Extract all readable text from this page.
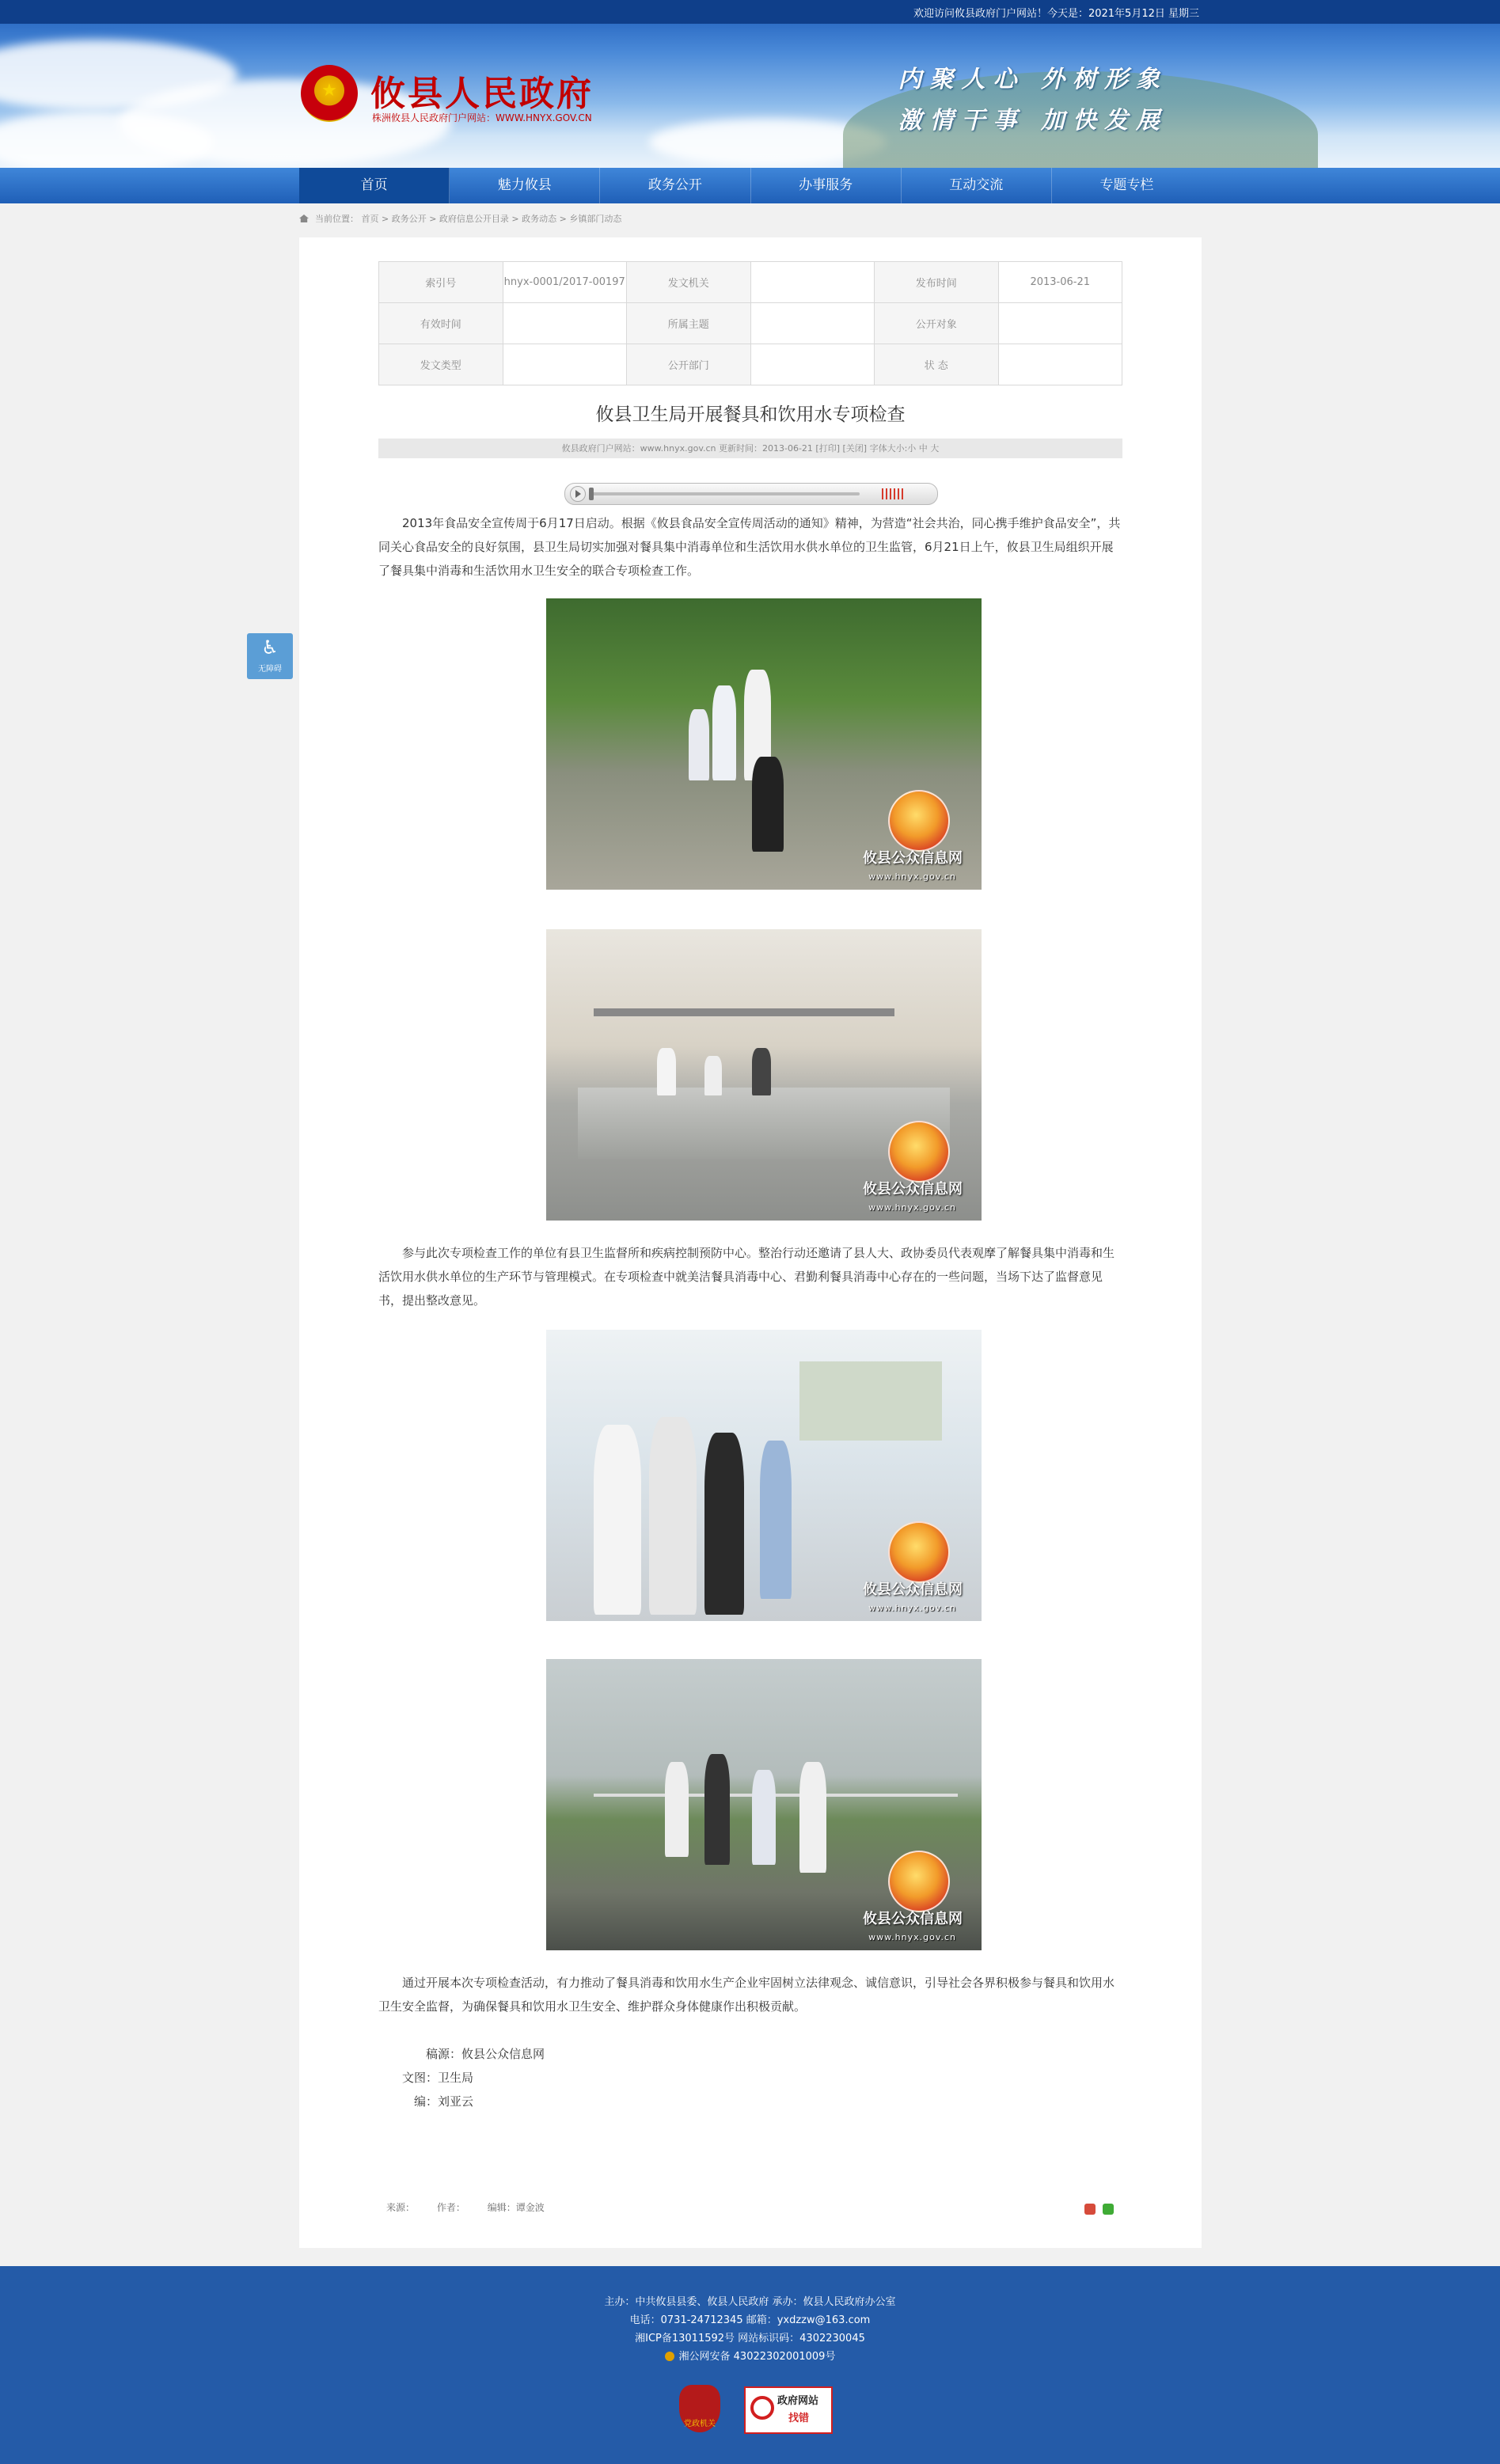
欢迎访问攸县政府门户网站！今天是：2021年5月12日 星期三
★ 攸县人民政府
株洲攸县人民政府门户网站：WWW.HNYX.GOV.CN
内聚人心 外树形象
激情干事 加快发展
首页	魅力攸县	政务公开	办事服务	互动交流	专题专栏
当前位置： 首页 > 政务公开 > 政府信息公开目录 > 政务动态 > 乡镇部门动态
♿
无障碍
索引号	hnyx-0001/2017-00197	发文机关		发布时间	2013-06-21
有效时间		所属主题		公开对象	
发文类型		公开部门		状 态	
攸县卫生局开展餐具和饮用水专项检查
攸县政府门户网站：www.hnyx.gov.cn 更新时间：2013-06-21 [打印] [关闭] 字体大小:小 中 大

2013年食品安全宣传周于6月17日启动。根据《攸县食品安全宣传周活动的通知》精神，为营造“社会共治，同心携手维护食品安全”，共同关心食品安全的良好氛围，县卫生局切实加强对餐具集中消毒单位和生活饮用水供水单位的卫生监管，6月21日上午，攸县卫生局组织开展了餐具集中消毒和生活饮用水卫生安全的联合专项检查工作。

攸县公众信息网
www.hnyx.gov.cn
攸县公众信息网
www.hnyx.gov.cn

参与此次专项检查工作的单位有县卫生监督所和疾病控制预防中心。整治行动还邀请了县人大、政协委员代表观摩了解餐具集中消毒和生活饮用水供水单位的生产环节与管理模式。在专项检查中就美洁餐具消毒中心、君勤利餐具消毒中心存在的一些问题，当场下达了监督意见书，提出整改意见。

攸县公众信息网
www.hnyx.gov.cn
攸县公众信息网
www.hnyx.gov.cn

通过开展本次专项检查活动，有力推动了餐具消毒和饮用水生产企业牢固树立法律观念、诚信意识，引导社会各界积极参与餐具和饮用水卫生安全监督，为确保餐具和饮用水卫生安全、维护群众身体健康作出积极贡献。

稿源：攸县公众信息网
文图：卫生局
编：刘亚云
来源： 作者： 编辑：谭金波
主办：中共攸县县委、攸县人民政府 承办：攸县人民政府办公室
电话：0731-24712345 邮箱：yxdzzw@163.com
湘ICP备13011592号 网站标识码：4302230045
湘公网安备 43022302001009号
党政机关
政府网站
找错
